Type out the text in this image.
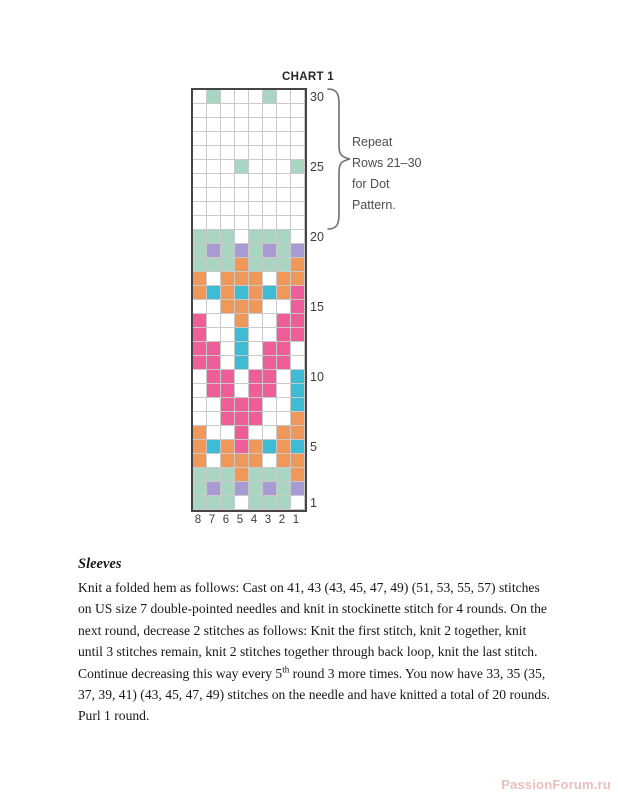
CHART 1
30
25
20
15
10
5
1
8 7 6 5 4 3 2 1
Repeat
Rows 21–30
for Dot
Pattern.
Sleeves
Knit a folded hem as follows: Cast on 41, 43 (43, 45, 47, 49) (51, 53, 55, 57) stitches on US size 7 double-pointed needles and knit in stockinette stitch for 4 rounds. On the next round, decrease 2 stitches as follows: Knit the first stitch, knit 2 together, knit until 3 stitches remain, knit 2 stitches together through back loop, knit the last stitch. Continue decreasing this way every 5th round 3 more times. You now have 33, 35 (35, 37, 39, 41) (43, 45, 47, 49) stitches on the needle and have knitted a total of 20 rounds. Purl 1 round.
PassionForum.ru
